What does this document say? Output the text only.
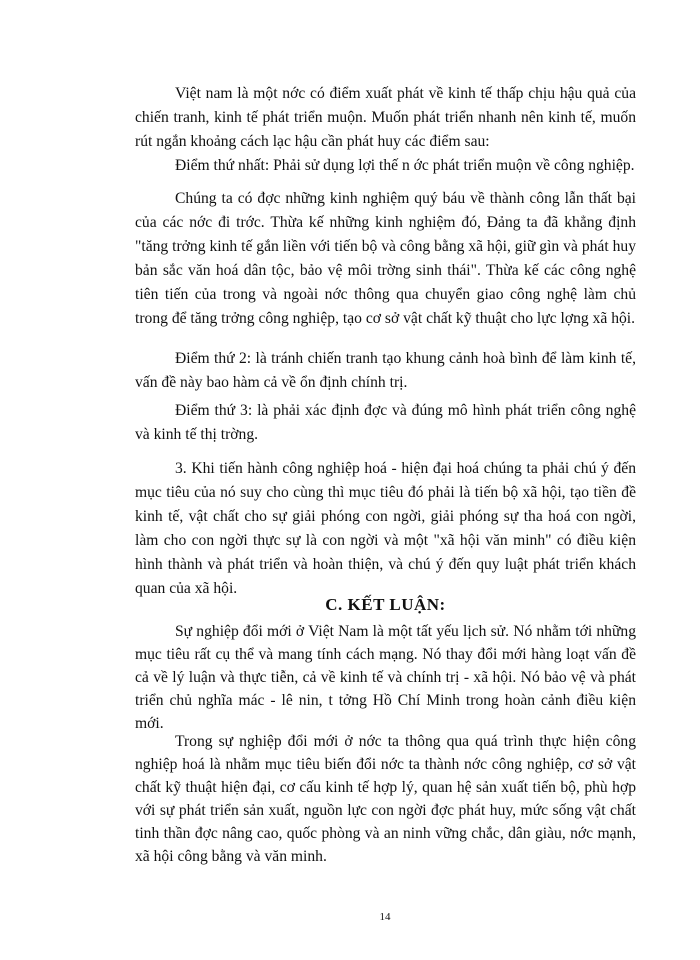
Việt nam là một nớc có điểm xuất phát về kinh tế thấp chịu hậu quả của chiến tranh, kinh tế phát triển muộn. Muốn phát triển nhanh nên kinh tế, muốn rút ngắn khoảng cách lạc hậu cần phát huy các điểm sau:

Điểm thứ nhất: Phải sử dụng lợi thế n ớc phát triển muộn về công nghiệp.

Chúng ta có đợc những kinh nghiệm quý báu về thành công lẫn thất bại của các nớc đi trớc. Thừa kế những kinh nghiệm đó, Đảng ta đã khẳng định "tăng trởng kinh tế gắn liền với tiến bộ và công bằng xã hội, giữ gìn và phát huy bản sắc văn hoá dân tộc, bảo vệ môi trờng sinh thái". Thừa kế các công nghệ tiên tiến của trong và ngoài nớc thông qua chuyển giao công nghệ làm chủ trong để tăng trởng công nghiệp, tạo cơ sở vật chất kỹ thuật cho lực lợng xã hội.

Điểm thứ 2: là tránh chiến tranh tạo khung cảnh hoà bình để làm kinh tế, vấn đề này bao hàm cả về ổn định chính trị.

Điểm thứ 3: là phải xác định đợc và đúng mô hình phát triển công nghệ và kinh tế thị trờng.

3. Khi tiến hành công nghiệp hoá - hiện đại hoá chúng ta phải chú ý đến mục tiêu của nó suy cho cùng thì mục tiêu đó phải là tiến bộ xã hội, tạo tiền đề kinh tế, vật chất cho sự giải phóng con ngời, giải phóng sự tha hoá con ngời, làm cho con ngời thực sự là con ngời và một "xã hội văn minh" có điều kiện hình thành và phát triển và hoàn thiện, và chú ý đến quy luật phát triển khách quan của xã hội.

C. KẾT LUẬN:

Sự nghiệp đổi mới ở Việt Nam là một tất yếu lịch sử. Nó nhằm tới những mục tiêu rất cụ thể và mang tính cách mạng. Nó thay đổi mới hàng loạt vấn đề cả về lý luận và thực tiễn, cả về kinh tế và chính trị - xã hội. Nó bảo vệ và phát triển chủ nghĩa mác - lê nin, t tởng Hồ Chí Minh trong hoàn cảnh điều kiện mới.

Trong sự nghiệp đổi mới ở nớc ta thông qua quá trình thực hiện công nghiệp hoá là nhằm mục tiêu biến đổi nớc ta thành nớc công nghiệp, cơ sở vật chất kỹ thuật hiện đại, cơ cấu kinh tế hợp lý, quan hệ sản xuất tiến bộ, phù hợp với sự phát triển sản xuất, nguồn lực con ngời đợc phát huy, mức sống vật chất tinh thần đợc nâng cao, quốc phòng và an ninh vững chắc, dân giàu, nớc mạnh, xã hội công bằng và văn minh.

14
